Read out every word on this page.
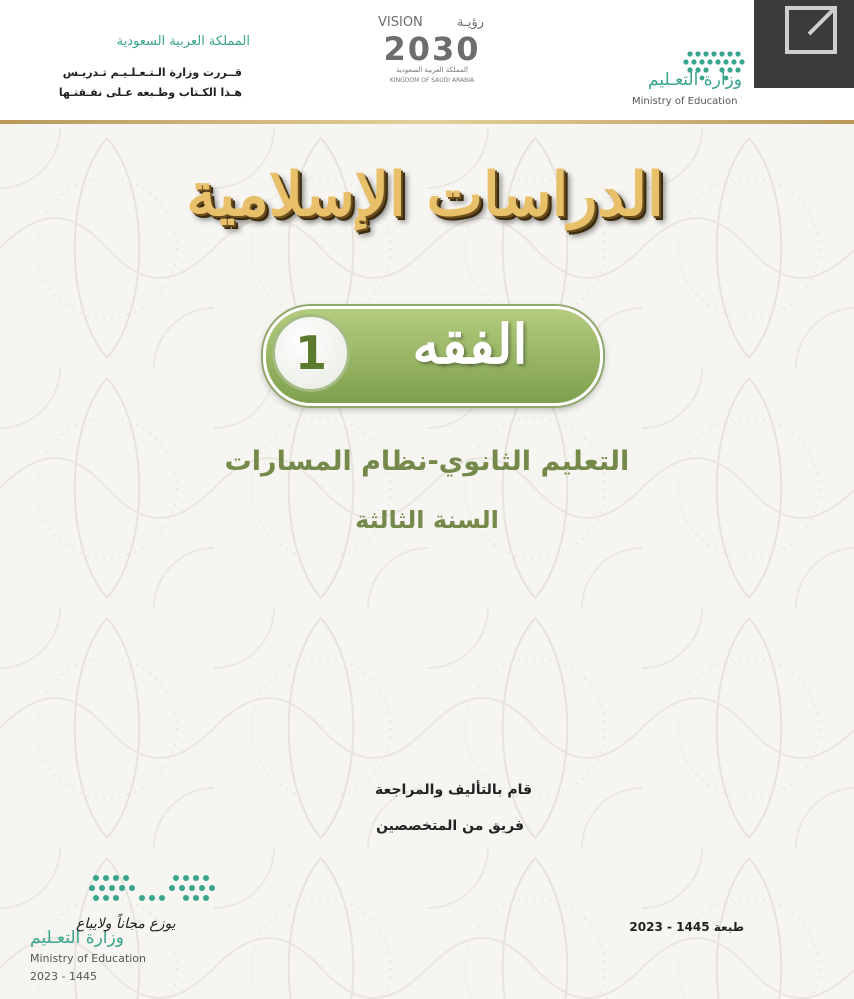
المملكة العربية السعودية
قــررت وزارة الـتـعـلـيـم تـدريـس
هـذا الكـتاب وطـبعه عـلى نفـقتـها
VISION	رؤيـة
2030
المملكة العربية السعودية
KINGDOM OF SAUDI ARABIA	وزارة التعـليم
Ministry of Education
الدراسات الإسلامية
الفقه
1
التعليم الثانوي-نظام المسارات
السنة الثالثة
قام بالتأليف والمراجعة
فريق من المتخصصين
طبعة 1445 - 2023
وزارة التعـليم
يوزع مجاناً ولايباع
Ministry of Education
2023 - 1445
